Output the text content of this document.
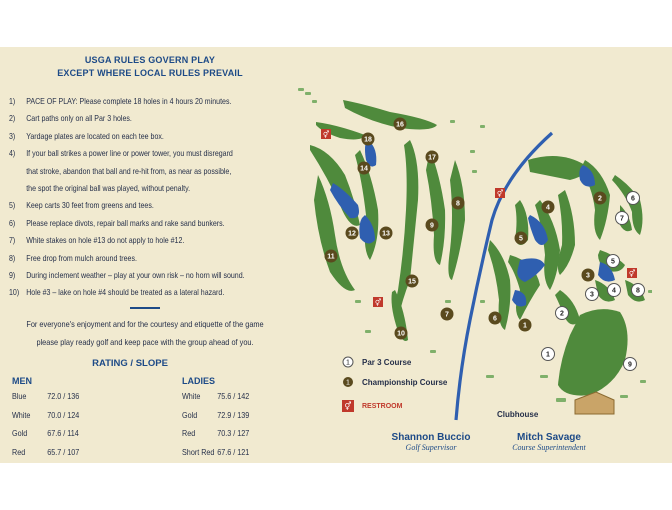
USGA RULES GOVERN PLAY
EXCEPT WHERE LOCAL RULES PREVAIL
1)	PACE OF PLAY: Please complete 18 holes in 4 hours 20 minutes.
2)	Cart paths only on all Par 3 holes.
3)	Yardage plates are located on each tee box.
4)	If your ball strikes a power line or power tower, you must disregard
that stroke, abandon that ball and re-hit from, as near as possible,
the spot the original ball was played, without penalty.
5)	Keep carts 30 feet from greens and tees.
6)	Please replace divots, repair ball marks and rake sand bunkers.
7)	White stakes on hole #13 do not apply to hole #12.
8)	Free drop from mulch around trees.
9)	During inclement weather – play at your own risk – no horn will sound.
10) Hole #3 – lake on hole #4 should be treated as a lateral hazard.
For everyone's enjoyment and for the courtesy and etiquette of the game
please play ready golf and keep pace with the group ahead of you.
RATING / SLOPE
MEN	LADIES
Blue	72.0 / 136
White 70.0 / 124
Gold 67.6 / 114
Red	65.7 / 107
White 75.6 / 142
Gold 72.9 / 139
Red	70.3 / 127
Short Red 67.6 / 121
1
2
3
4
5
6
7
8
9
10
11
12	13
14
15
16
17
18
1
2
3
4
5
6
7
8
9
⚥
⚥
⚥
⚥
1 Par 3 Course
1 Championship Course
⚥ RESTROOM
Clubhouse
Shannon Buccio
Golf Supervisor
Mitch Savage
Course Superintendent
